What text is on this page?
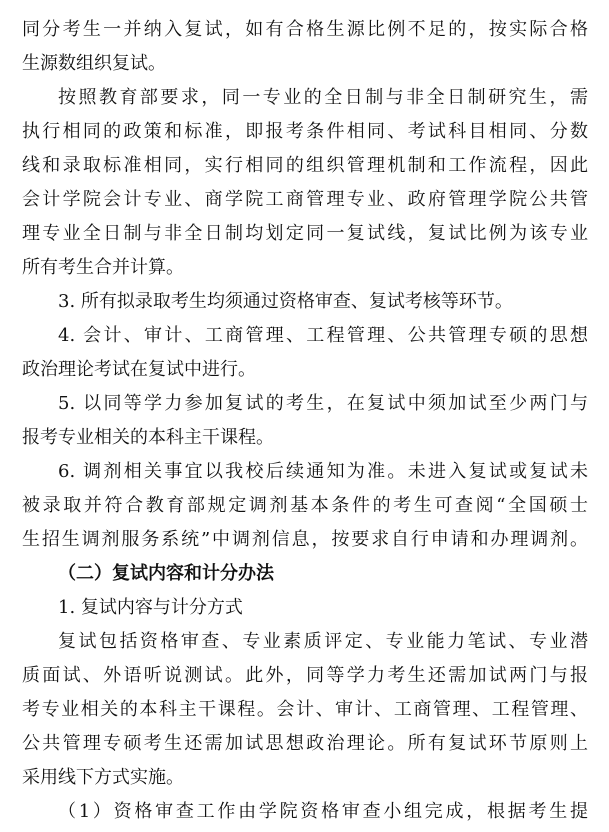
同分考生一并纳入复试，如有合格生源比例不足的，按实际合格
生源数组织复试。
按照教育部要求，同一专业的全日制与非全日制研究生，需
执行相同的政策和标准，即报考条件相同、考试科目相同、分数
线和录取标准相同，实行相同的组织管理机制和工作流程，因此
会计学院会计专业、商学院工商管理专业、政府管理学院公共管
理专业全日制与非全日制均划定同一复试线，复试比例为该专业
所有考生合并计算。
3. 所有拟录取考生均须通过资格审查、复试考核等环节。
4. 会计、审计、工商管理、工程管理、公共管理专硕的思想
政治理论考试在复试中进行。
5. 以同等学力参加复试的考生，在复试中须加试至少两门与
报考专业相关的本科主干课程。
6. 调剂相关事宜以我校后续通知为准。未进入复试或复试未
被录取并符合教育部规定调剂基本条件的考生可查阅“全国硕士
生招生调剂服务系统”中调剂信息，按要求自行申请和办理调剂。
（二）复试内容和计分办法
1. 复试内容与计分方式
复试包括资格审查、专业素质评定、专业能力笔试、专业潜
质面试、外语听说测试。此外，同等学力考生还需加试两门与报
考专业相关的本科主干课程。会计、审计、工商管理、工程管理、
公共管理专硕考生还需加试思想政治理论。所有复试环节原则上
采用线下方式实施。
（1）资格审查工作由学院资格审查小组完成，根据考生提
